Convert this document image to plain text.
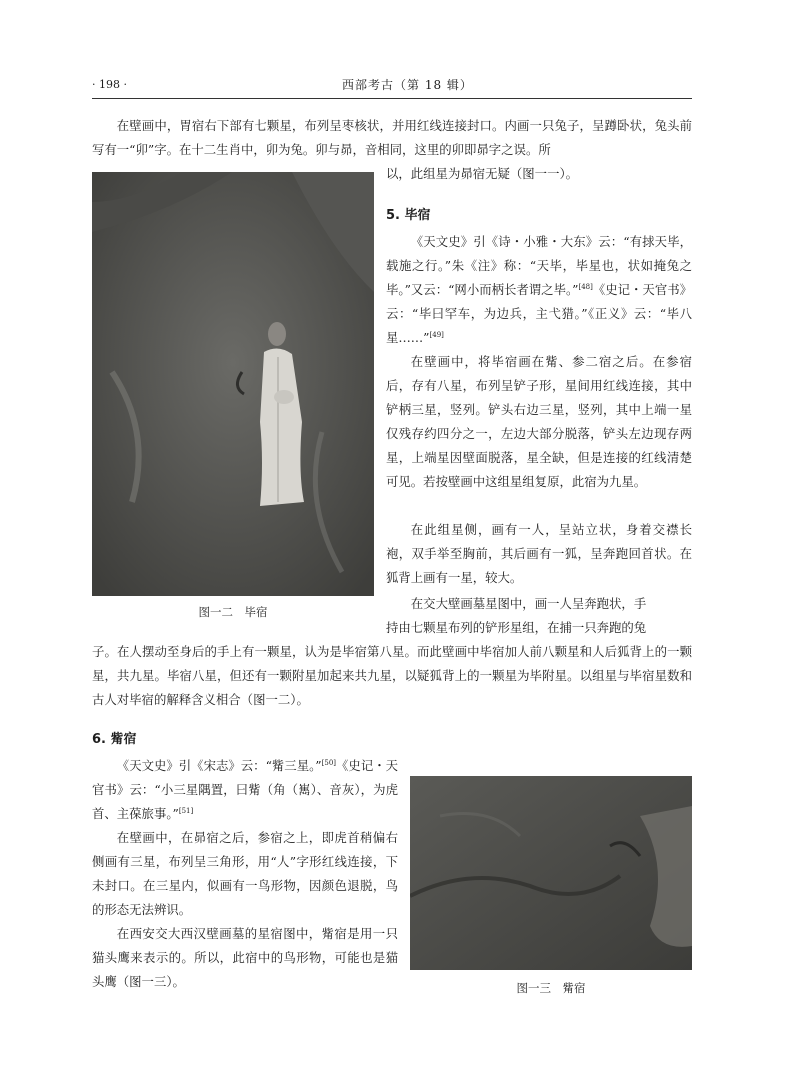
· 198 ·	西部考古（第 18 辑）

在壁画中，胃宿右下部有七颗星，布列呈枣核状，并用红线连接封口。内画一只兔子，呈蹲卧状，兔头前写有一“卯”字。在十二生肖中，卯为兔。卯与昴，音相同，这里的卯即昴字之误。所

图一二　毕宿

以，此组星为昴宿无疑（图一一）。

5. 毕宿

《天文史》引《诗・小雅・大东》云：“有捄天毕，载施之行。”朱《注》称：“天毕，毕星也，状如掩兔之毕。”又云：“网小而柄长者谓之毕。”[48]《史记・天官书》云：“毕曰罕车，为边兵，主弋猎。”《正义》云：“毕八星……”[49]

在壁画中，将毕宿画在觜、参二宿之后。在参宿后，存有八星，布列呈铲子形，星间用红线连接，其中铲柄三星，竖列。铲头右边三星，竖列，其中上端一星仅残存约四分之一，左边大部分脱落，铲头左边现存两星，上端星因壁面脱落，星全缺，但是连接的红线清楚可见。若按壁画中这组星组复原，此宿为九星。

在此组星侧，画有一人，呈站立状，身着交襟长袍，双手举至胸前，其后画有一狐，呈奔跑回首状。在狐背上画有一星，较大。

在交大壁画墓星图中，画一人呈奔跑状，手

持由七颗星布列的铲形星组，在捕一只奔跑的兔

子。在人摆动至身后的手上有一颗星，认为是毕宿第八星。而此壁画中毕宿加人前八颗星和人后狐背上的一颗星，共九星。毕宿八星，但还有一颗附星加起来共九星，以疑狐背上的一颗星为毕附星。以组星与毕宿星数和古人对毕宿的解释含义相合（图一二）。

6. 觜宿

《天文史》引《宋志》云：“觜三星。”[50]《史记・天官书》云：“小三星隅置，曰觜（角（嶲）、音灰），为虎首、主葆旅事。”[51]

在壁画中，在昴宿之后，参宿之上，即虎首稍偏右侧画有三星，布列呈三角形，用“人”字形红线连接，下未封口。在三星内，似画有一鸟形物，因颜色退脱，鸟的形态无法辨识。

在西安交大西汉壁画墓的星宿图中，觜宿是用一只猫头鹰来表示的。所以，此宿中的鸟形物，可能也是猫头鹰（图一三）。	图一三　觜宿
